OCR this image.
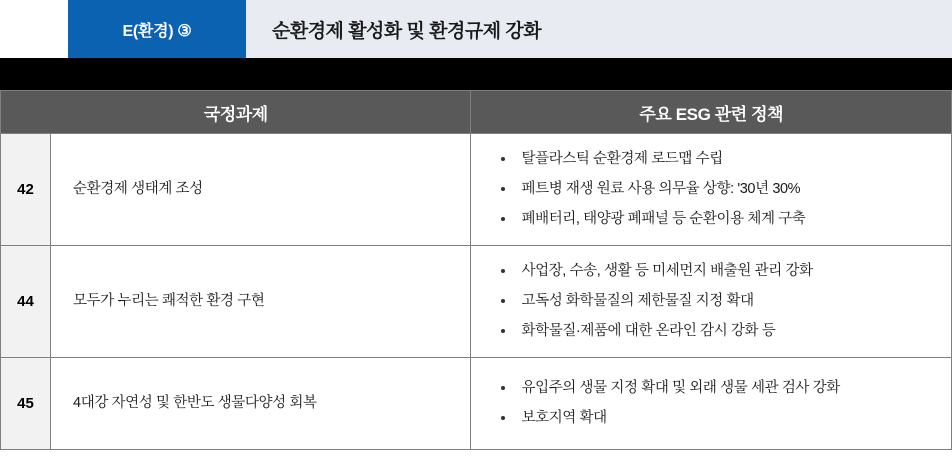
E(환경) ③	순환경제 활성화 및 환경규제 강화
국정과제		주요 ESG 관련 정책
42	순환경제 생태계 조성	
탈플라스틱 순환경제 로드맵 수립
페트병 재생 원료 사용 의무율 상향: '30년 30%
폐배터리, 태양광 폐패널 등 순환이용 체계 구축

44	모두가 누리는 쾌적한 환경 구현	
사업장, 수송, 생활 등 미세먼지 배출원 관리 강화
고독성 화학물질의 제한물질 지정 확대
화학물질·제품에 대한 온라인 감시 강화 등

45	4대강 자연성 및 한반도 생물다양성 회복	
유입주의 생물 지정 확대 및 외래 생물 세관 검사 강화
보호지역 확대
